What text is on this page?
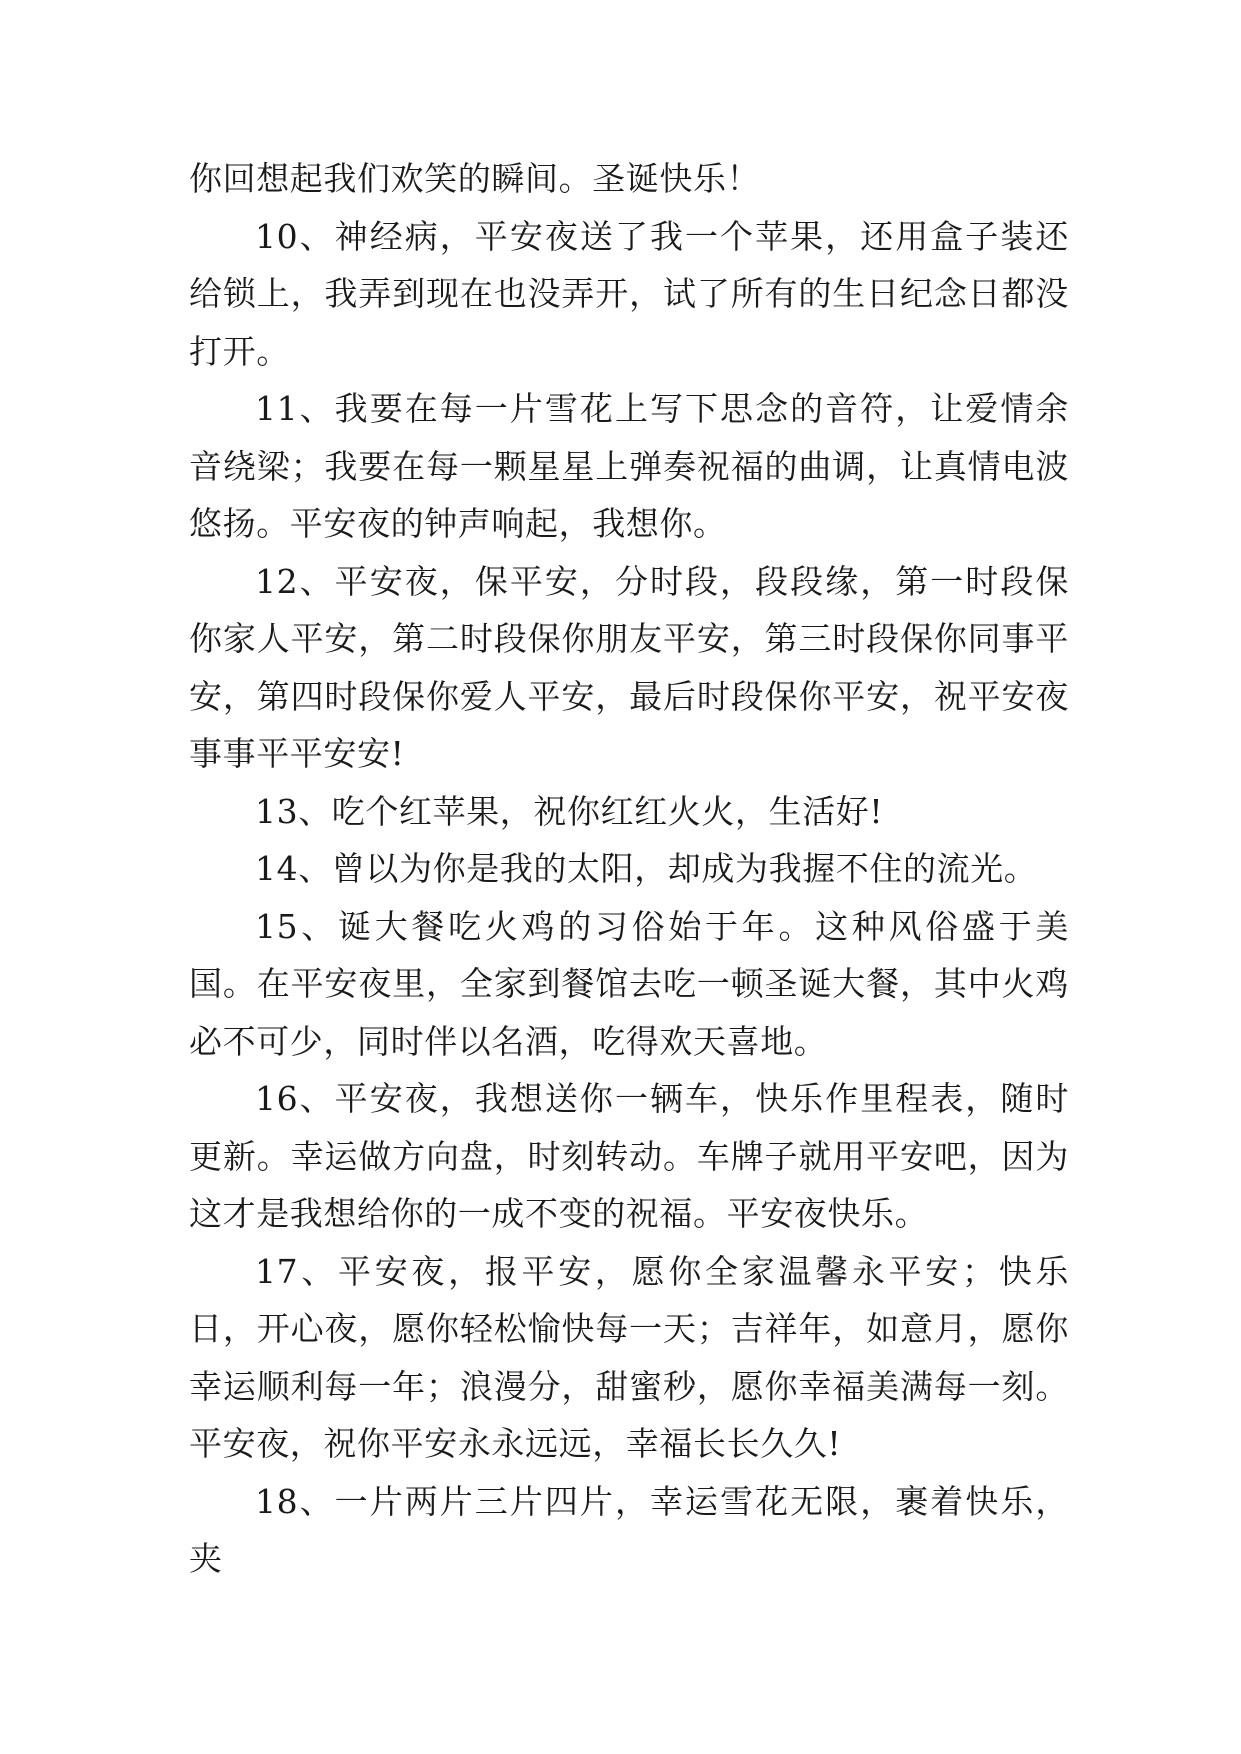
你回想起我们欢笑的瞬间。圣诞快乐！

10、神经病，平安夜送了我一个苹果，还用盒子装还给锁上，我弄到现在也没弄开，试了所有的生日纪念日都没打开。

11、我要在每一片雪花上写下思念的音符，让爱情余音绕梁；我要在每一颗星星上弹奏祝福的曲调，让真情电波悠扬。平安夜的钟声响起，我想你。

12、平安夜，保平安，分时段，段段缘，第一时段保你家人平安，第二时段保你朋友平安，第三时段保你同事平安，第四时段保你爱人平安，最后时段保你平安，祝平安夜事事平平安安!

13、吃个红苹果，祝你红红火火，生活好!

14、曾以为你是我的太阳，却成为我握不住的流光。

15、诞大餐吃火鸡的习俗始于年。这种风俗盛于美国。在平安夜里，全家到餐馆去吃一顿圣诞大餐，其中火鸡必不可少，同时伴以名酒，吃得欢天喜地。

16、平安夜，我想送你一辆车，快乐作里程表，随时更新。幸运做方向盘，时刻转动。车牌子就用平安吧，因为这才是我想给你的一成不变的祝福。平安夜快乐。

17、平安夜，报平安，愿你全家温馨永平安；快乐日，开心夜，愿你轻松愉快每一天；吉祥年，如意月，愿你幸运顺利每一年；浪漫分，甜蜜秒，愿你幸福美满每一刻。平安夜，祝你平安永永远远，幸福长长久久!

18、一片两片三片四片，幸运雪花无限，裹着快乐，夹
